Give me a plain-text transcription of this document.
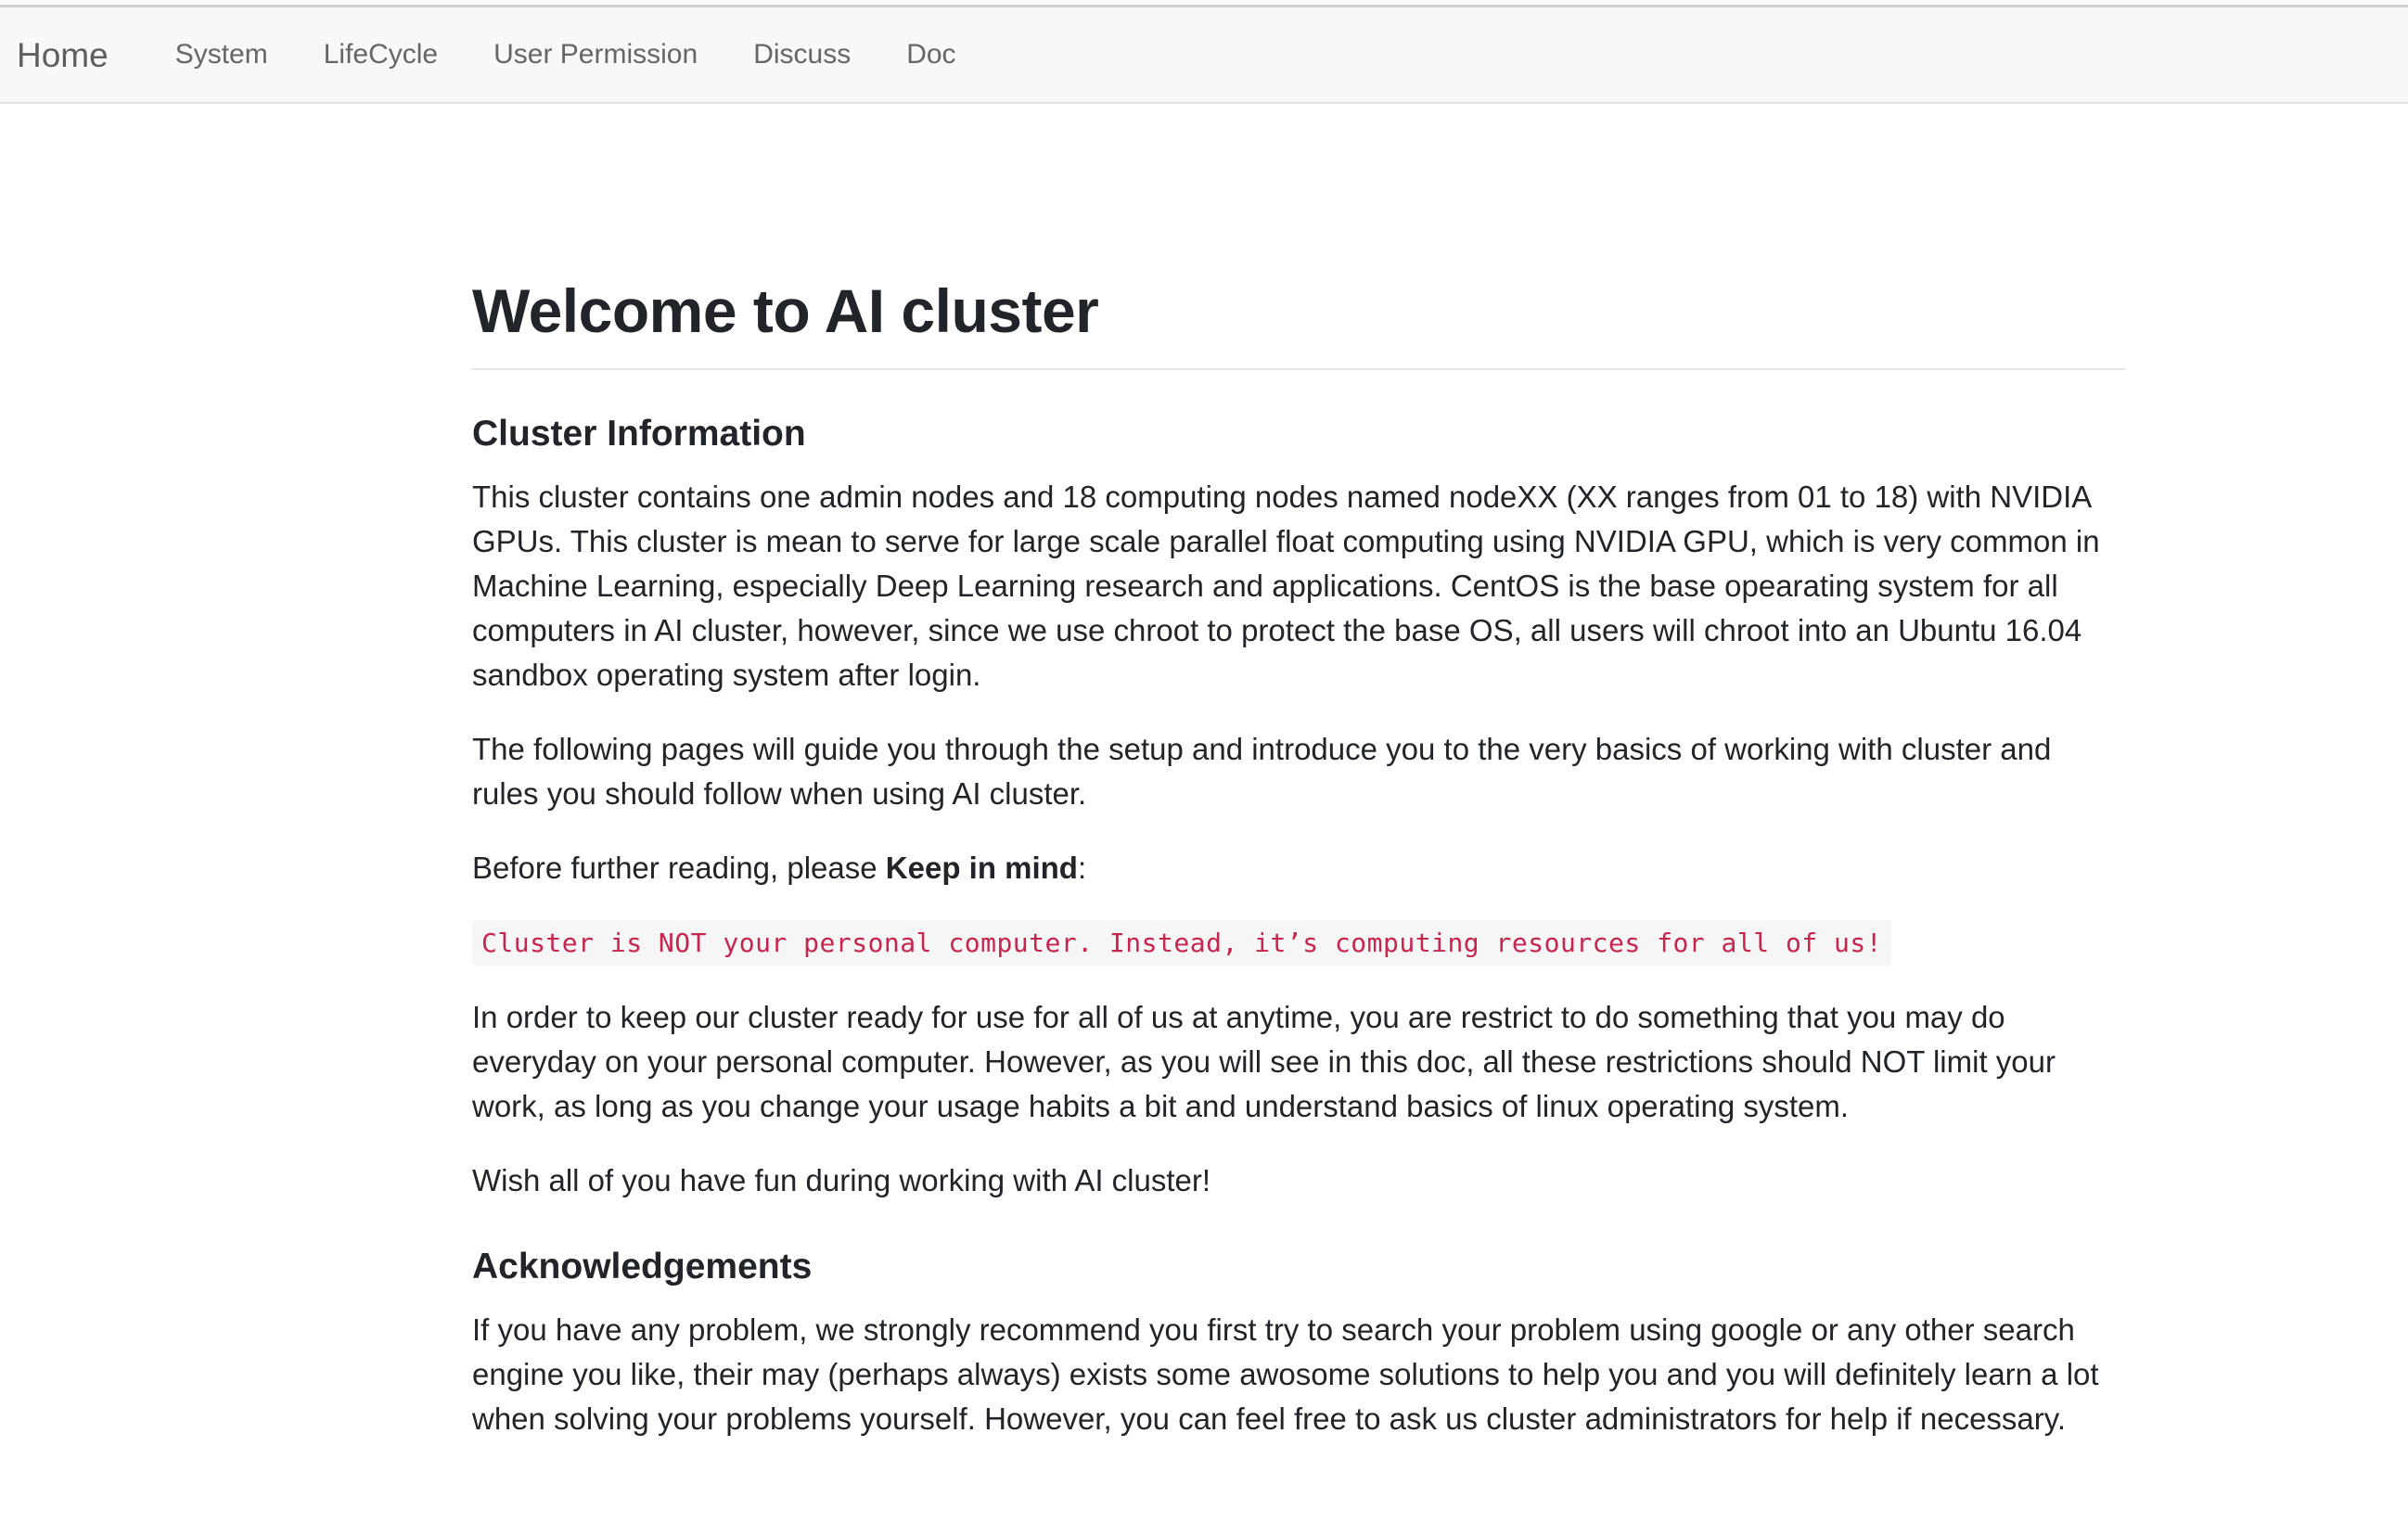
Home System LifeCycle User Permission Discuss Doc
Welcome to AI cluster
Cluster Information

This cluster contains one admin nodes and 18 computing nodes named nodeXX (XX ranges from 01 to 18) with NVIDIA GPUs. This cluster is mean to serve for large scale parallel float computing using NVIDIA GPU, which is very common in Machine Learning, especially Deep Learning research and applications. CentOS is the base opearating system for all computers in AI cluster, however, since we use chroot to protect the base OS, all users will chroot into an Ubuntu 16.04 sandbox operating system after login.

The following pages will guide you through the setup and introduce you to the very basics of working with cluster and rules you should follow when using AI cluster.

Before further reading, please Keep in mind:

Cluster is NOT your personal computer. Instead, it’s computing resources for all of us!

In order to keep our cluster ready for use for all of us at anytime, you are restrict to do something that you may do everyday on your personal computer. However, as you will see in this doc, all these restrictions should NOT limit your work, as long as you change your usage habits a bit and understand basics of linux operating system.

Wish all of you have fun during working with AI cluster!

Acknowledgements

If you have any problem, we strongly recommend you first try to search your problem using google or any other search engine you like, their may (perhaps always) exists some awosome solutions to help you and you will definitely learn a lot when solving your problems yourself. However, you can feel free to ask us cluster administrators for help if necessary.
